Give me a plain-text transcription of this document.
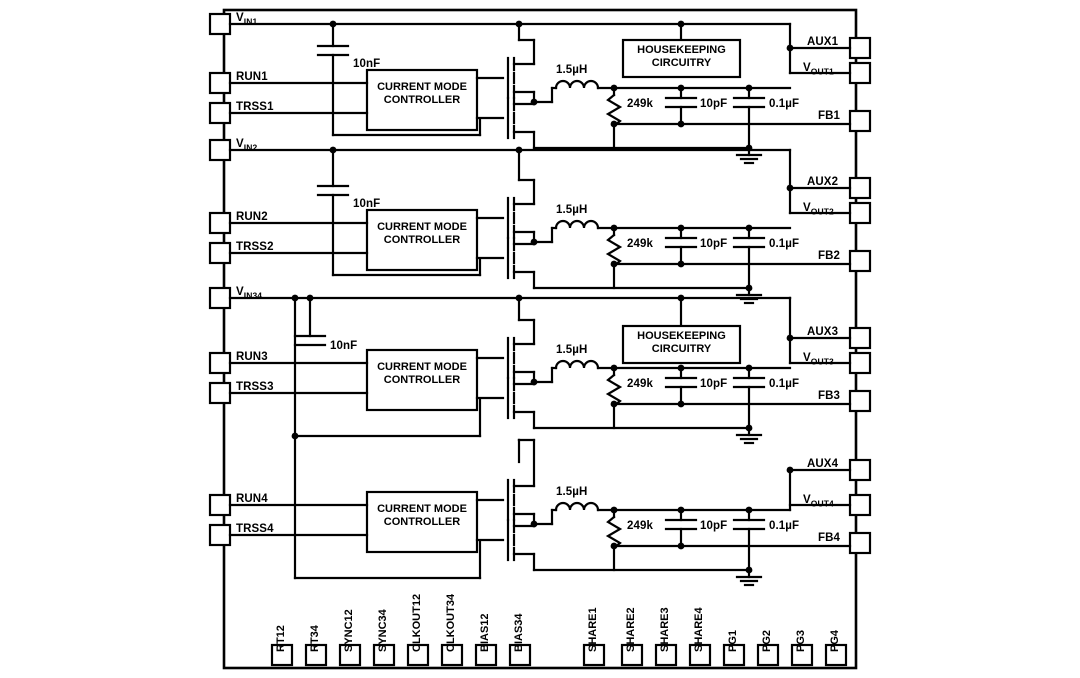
$V_{IN1}$
RUN1
TRSS1
10nF
CURRENT MODE
CONTROLLER
1.5µH
249k	10pF	0.1µF
HOUSEKEEPING
CIRCUITRY
AUX1
$V_{OUT1}$
FB1
$V_{IN2}$
RUN2
TRSS2
10nF
CURRENT MODE
CONTROLLER
1.5µH
249k	10pF	0.1µF
AUX2
$V_{OUT2}$
FB2
$V_{IN34}$
RUN3
TRSS3
10nF
CURRENT MODE
CONTROLLER
1.5µH
249k	10pF	0.1µF
HOUSEKEEPING
CIRCUITRY
AUX3
$V_{OUT3}$
FB3
RUN4
TRSS4
CURRENT MODE
CONTROLLER
1.5µH
249k	10pF	0.1µF
AUX4
$V_{OUT4}$
FB4
RT12 RT34 SYNC12 SYNC34 CLKOUT12 CLKOUT34 BIAS12 BIAS34	SHARE1 SHARE2 SHARE3 SHARE4 PG1 PG2 PG3 PG4
